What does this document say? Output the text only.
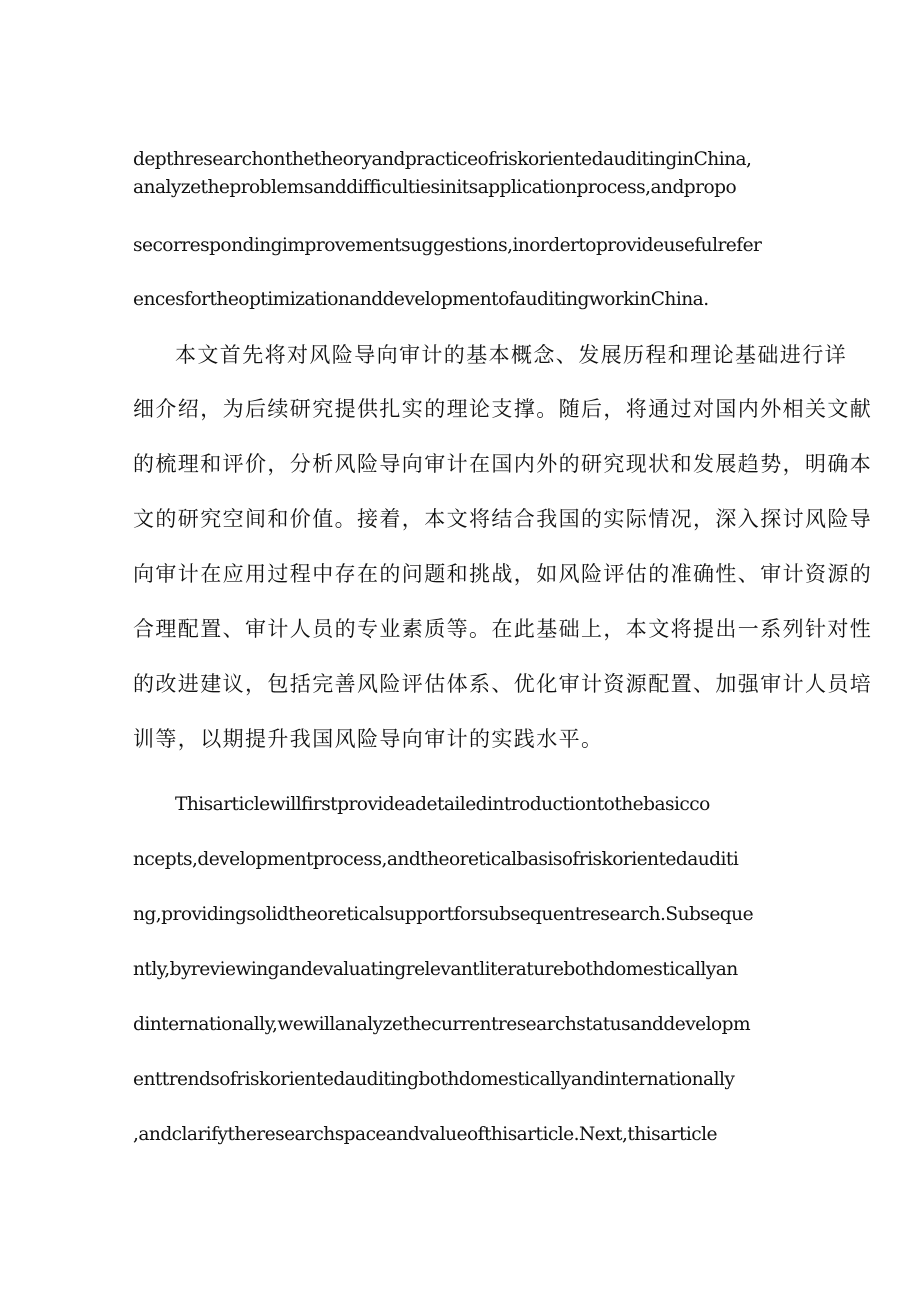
depthresearchonthetheoryandpracticeofriskorientedauditinginChina,
analyzetheproblemsanddifficultiesinitsapplicationprocess,andpropo
secorrespondingimprovementsuggestions,inordertoprovideusefulrefer
encesfortheoptimizationanddevelopmentofauditingworkinChina.
本文首先将对风险导向审计的基本概念、发展历程和理论基础进行详
细介绍，为后续研究提供扎实的理论支撑。随后，将通过对国内外相关文献
的梳理和评价，分析风险导向审计在国内外的研究现状和发展趋势，明确本
文的研究空间和价值。接着，本文将结合我国的实际情况，深入探讨风险导
向审计在应用过程中存在的问题和挑战，如风险评估的准确性、审计资源的
合理配置、审计人员的专业素质等。在此基础上，本文将提出一系列针对性
的改进建议，包括完善风险评估体系、优化审计资源配置、加强审计人员培
训等，以期提升我国风险导向审计的实践水平。
Thisarticlewillfirstprovideadetailedintroductiontothebasicco
ncepts,developmentprocess,andtheoreticalbasisofriskorientedauditi
ng,providingsolidtheoreticalsupportforsubsequentresearch.Subseque
ntly,byreviewingandevaluatingrelevantliteraturebothdomesticallyan
dinternationally,wewillanalyzethecurrentresearchstatusanddevelopm
enttrendsofriskorientedauditingbothdomesticallyandinternationally
,andclarifytheresearchspaceandvalueofthisarticle.Next,thisarticle
